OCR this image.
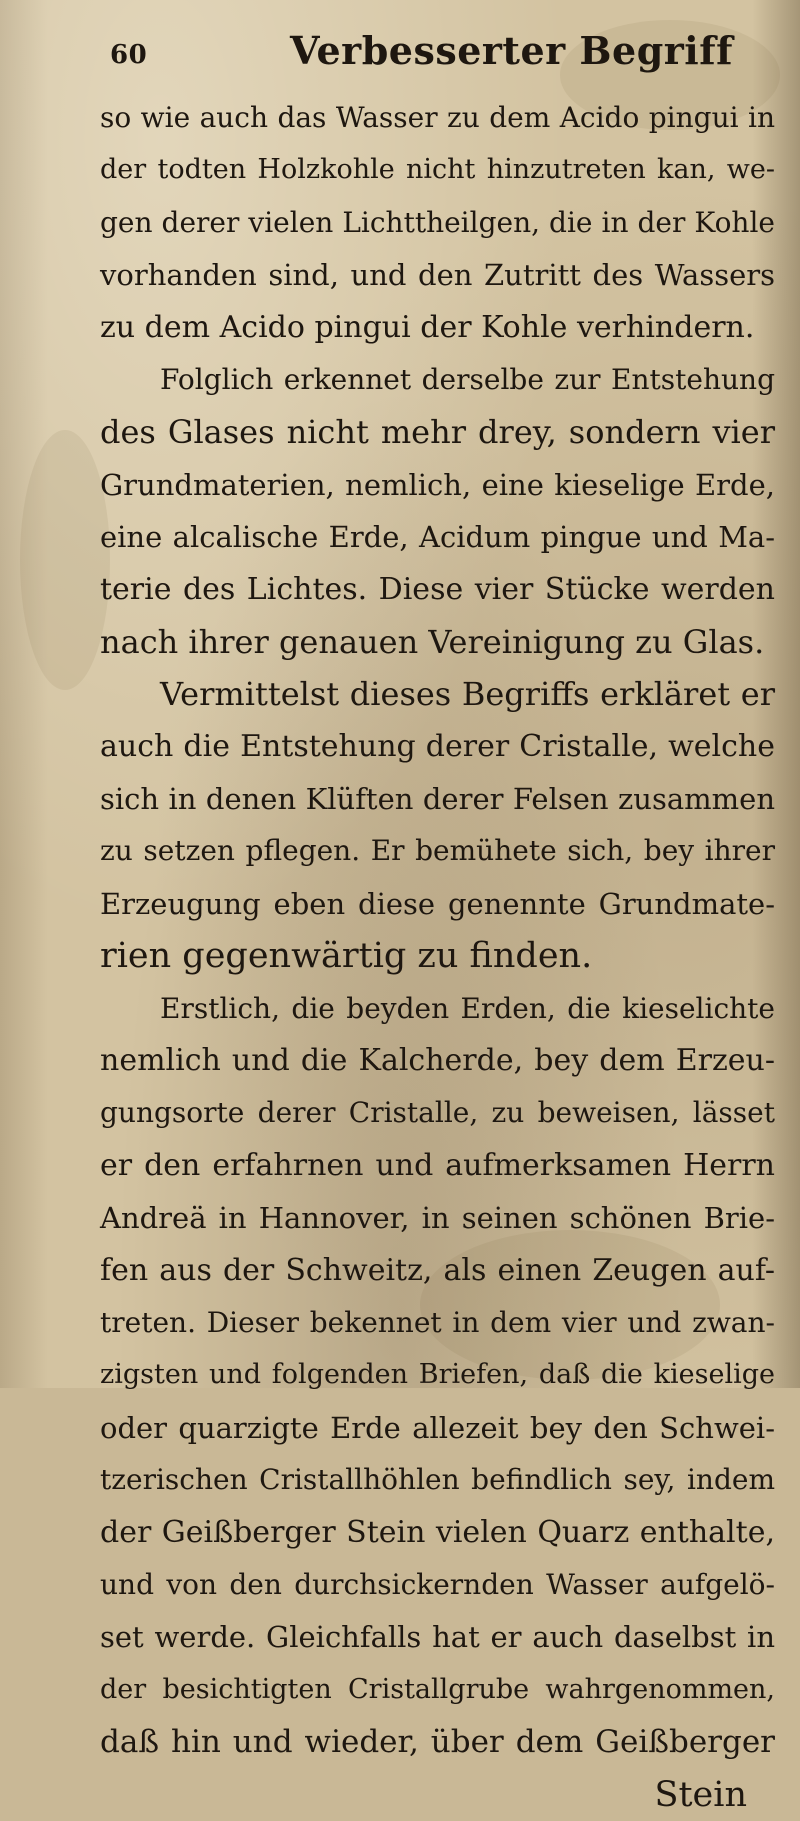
60	Verbesserter Begriff
so wie auch das Wasser zu dem Acido pingui in
der todten Holzkohle nicht hinzutreten kan, we-
gen derer vielen Lichttheilgen, die in der Kohle
vorhanden sind, und den Zutritt des Wassers
zu dem Acido pingui der Kohle verhindern.
Folglich erkennet derselbe zur Entstehung
des Glases nicht mehr drey, sondern vier
Grundmaterien, nemlich, eine kieselige Erde,
eine alcalische Erde, Acidum pingue und Ma-
terie des Lichtes. Diese vier Stücke werden
nach ihrer genauen Vereinigung zu Glas.
Vermittelst dieses Begriffs erkläret er
auch die Entstehung derer Cristalle, welche
sich in denen Klüften derer Felsen zusammen
zu setzen pflegen. Er bemühete sich, bey ihrer
Erzeugung eben diese genennte Grundmate-
rien gegenwärtig zu finden.
Erstlich, die beyden Erden, die kieselichte
nemlich und die Kalcherde, bey dem Erzeu-
gungsorte derer Cristalle, zu beweisen, lässet
er den erfahrnen und aufmerksamen Herrn
Andreä in Hannover, in seinen schönen Brie-
fen aus der Schweitz, als einen Zeugen auf-
treten. Dieser bekennet in dem vier und zwan-
zigsten und folgenden Briefen, daß die kieselige
oder quarzigte Erde allezeit bey den Schwei-
tzerischen Cristallhöhlen befindlich sey, indem
der Geißberger Stein vielen Quarz enthalte,
und von den durchsickernden Wasser aufgelö-
set werde. Gleichfalls hat er auch daselbst in
der besichtigten Cristallgrube wahrgenommen,
daß hin und wieder, über dem Geißberger
Stein
